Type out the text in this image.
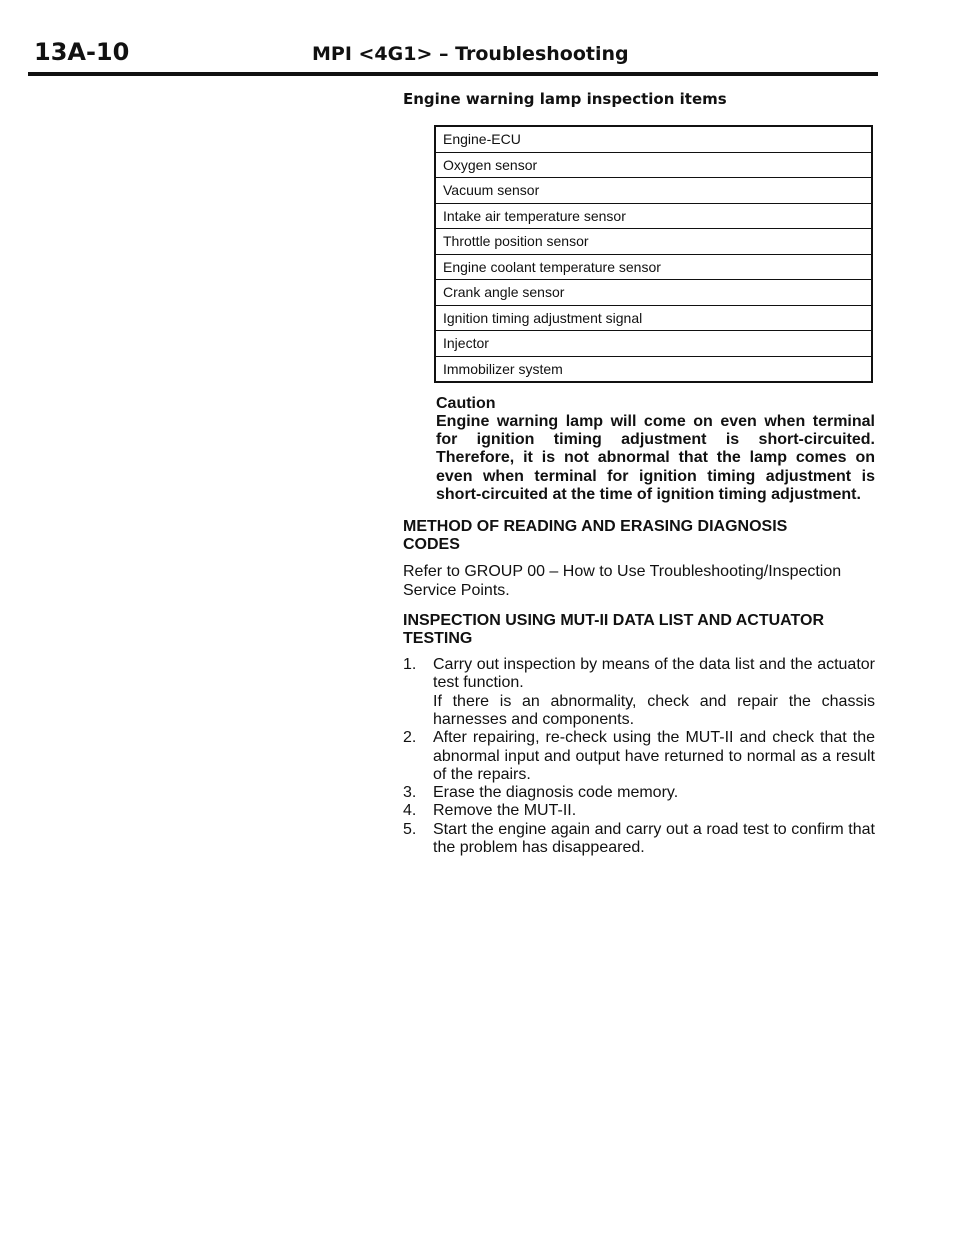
13A-10	MPI <4G1> – Troubleshooting
Engine warning lamp inspection items
Engine-ECU
Oxygen sensor
Vacuum sensor
Intake air temperature sensor
Throttle position sensor
Engine coolant temperature sensor
Crank angle sensor
Ignition timing adjustment signal
Injector
Immobilizer system
Caution
Engine warning lamp will come on even when terminal for ignition timing adjustment is short-circuited. Therefore, it is not abnormal that the lamp comes on even when terminal for ignition timing adjustment is short-circuited at the time of ignition timing adjustment.
METHOD OF READING AND ERASING DIAGNOSIS CODES
Refer to GROUP 00 – How to Use Troubleshooting/Inspection Service Points.
INSPECTION USING MUT-II DATA LIST AND ACTUATOR TESTING
1. Carry out inspection by means of the data list and the actuator test function.
If there is an abnormality, check and repair the chassis harnesses and components.
2. After repairing, re-check using the MUT-II and check that the abnormal input and output have returned to normal as a result of the repairs.
3. Erase the diagnosis code memory.
4. Remove the MUT-II.
5. Start the engine again and carry out a road test to confirm that the problem has disappeared.
